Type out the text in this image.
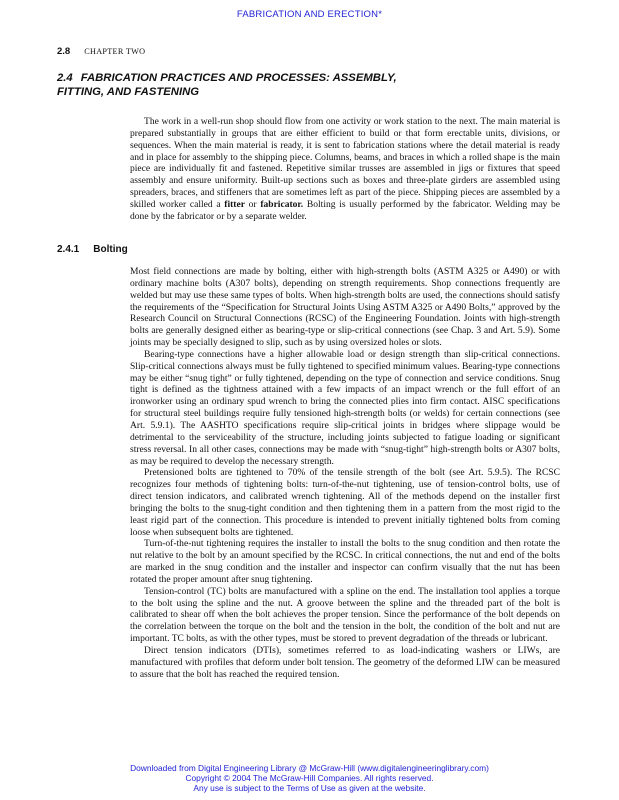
FABRICATION AND ERECTION*
2.8 CHAPTER TWO
2.4 FABRICATION PRACTICES AND PROCESSES: ASSEMBLY,
FITTING, AND FASTENING

The work in a well-run shop should flow from one activity or work station to the next. The main material is prepared substantially in groups that are either efficient to build or that form erectable units, divisions, or sequences. When the main material is ready, it is sent to fabrication stations where the detail material is ready and in place for assembly to the shipping piece. Columns, beams, and braces in which a rolled shape is the main piece are individually fit and fastened. Repetitive similar trusses are assembled in jigs or fixtures that speed assembly and ensure uniformity. Built-up sections such as boxes and three-plate girders are assembled using spreaders, braces, and stiffeners that are sometimes left as part of the piece. Shipping pieces are assembled by a skilled worker called a fitter or fabricator. Bolting is usually performed by the fabricator. Welding may be done by the fabricator or by a separate welder.

2.4.1 Bolting

Most field connections are made by bolting, either with high-strength bolts (ASTM A325 or A490) or with ordinary machine bolts (A307 bolts), depending on strength requirements. Shop connections frequently are welded but may use these same types of bolts. When high-strength bolts are used, the connections should satisfy the requirements of the “Specification for Structural Joints Using ASTM A325 or A490 Bolts,” approved by the Research Council on Structural Connections (RCSC) of the Engineering Foundation. Joints with high-strength bolts are generally designed either as bearing-type or slip-critical connections (see Chap. 3 and Art. 5.9). Some joints may be specially designed to slip, such as by using oversized holes or slots.

Bearing-type connections have a higher allowable load or design strength than slip-critical connections. Slip-critical connections always must be fully tightened to specified minimum values. Bearing-type connections may be either “snug tight” or fully tightened, depending on the type of connection and service conditions. Snug tight is defined as the tightness attained with a few impacts of an impact wrench or the full effort of an ironworker using an ordinary spud wrench to bring the connected plies into firm contact. AISC specifications for structural steel buildings require fully tensioned high-strength bolts (or welds) for certain connections (see Art. 5.9.1). The AASHTO specifications require slip-critical joints in bridges where slippage would be detrimental to the serviceability of the structure, including joints subjected to fatigue loading or significant stress reversal. In all other cases, connections may be made with “snug-tight” high-strength bolts or A307 bolts, as may be required to develop the necessary strength.

Pretensioned bolts are tightened to 70% of the tensile strength of the bolt (see Art. 5.9.5). The RCSC recognizes four methods of tightening bolts: turn-of-the-nut tightening, use of tension-control bolts, use of direct tension indicators, and calibrated wrench tightening. All of the methods depend on the installer first bringing the bolts to the snug-tight condition and then tightening them in a pattern from the most rigid to the least rigid part of the connection. This procedure is intended to prevent initially tightened bolts from coming loose when subsequent bolts are tightened.

Turn-of-the-nut tightening requires the installer to install the bolts to the snug condition and then rotate the nut relative to the bolt by an amount specified by the RCSC. In critical connections, the nut and end of the bolts are marked in the snug condition and the installer and inspector can confirm visually that the nut has been rotated the proper amount after snug tightening.

Tension-control (TC) bolts are manufactured with a spline on the end. The installation tool applies a torque to the bolt using the spline and the nut. A groove between the spline and the threaded part of the bolt is calibrated to shear off when the bolt achieves the proper tension. Since the performance of the bolt depends on the correlation between the torque on the bolt and the tension in the bolt, the condition of the bolt and nut are important. TC bolts, as with the other types, must be stored to prevent degradation of the threads or lubricant.

Direct tension indicators (DTIs), sometimes referred to as load-indicating washers or LIWs, are manufactured with profiles that deform under bolt tension. The geometry of the deformed LIW can be measured to assure that the bolt has reached the required tension.

Downloaded from Digital Engineering Library @ McGraw-Hill (www.digitalengineeringlibrary.com)
Copyright © 2004 The McGraw-Hill Companies. All rights reserved.
Any use is subject to the Terms of Use as given at the website.
